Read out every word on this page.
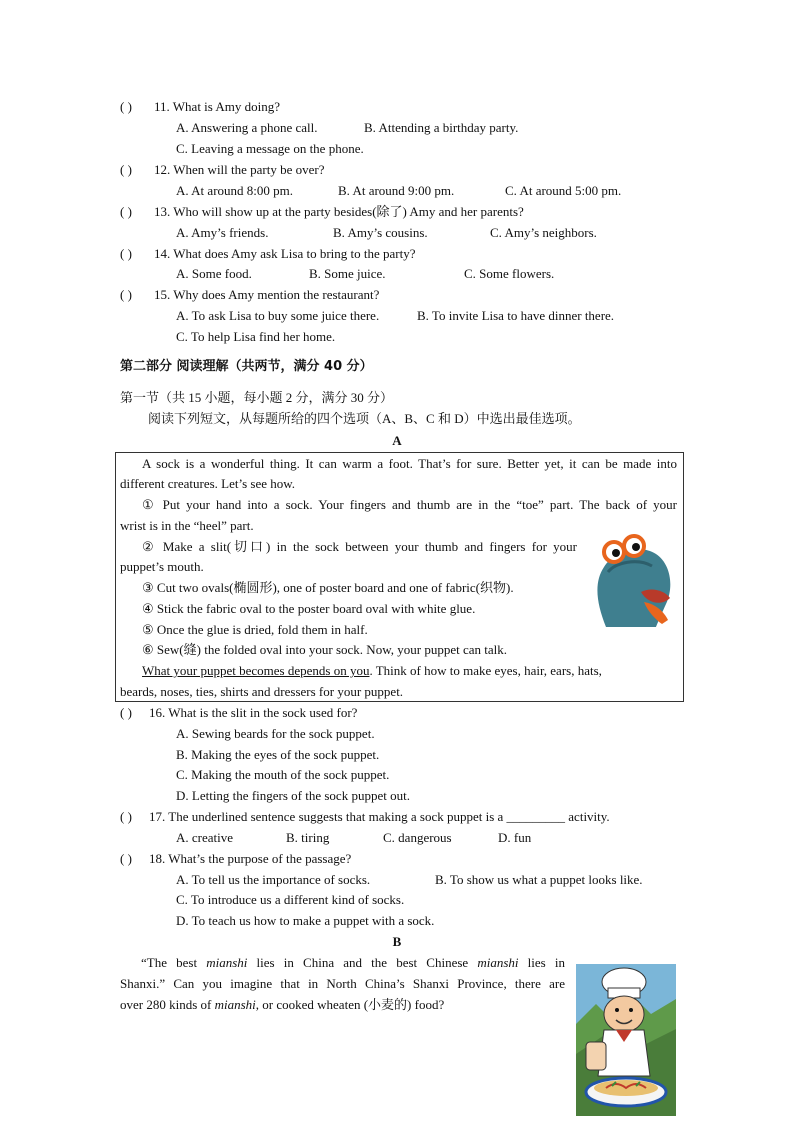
( ) 11. What is Amy doing?
A. Answering a phone call.	B. Attending a birthday party.
C. Leaving a message on the phone.
( ) 12. When will the party be over?
A. At around 8:00 pm.	B. At around 9:00 pm.	C. At around 5:00 pm.
( ) 13. Who will show up at the party besides(除了) Amy and her parents?
A. Amy’s friends.	B. Amy’s cousins.	C. Amy’s neighbors.
( ) 14. What does Amy ask Lisa to bring to the party?
A. Some food.	B. Some juice.	C. Some flowers.
( ) 15. Why does Amy mention the restaurant?
A. To ask Lisa to buy some juice there.	B. To invite Lisa to have dinner there.
C. To help Lisa find her home.
第二部分 阅读理解（共两节，满分 40 分）
第一节（共 15 小题，每小题 2 分，满分 30 分）
阅读下列短文，从每题所给的四个选项（A、B、C 和 D）中选出最佳选项。
A
A sock is a wonderful thing. It can warm a foot. That’s for sure. Better yet, it can be made into
different creatures. Let’s see how.
① Put your hand into a sock. Your fingers and thumb are in the “toe” part. The back of your
wrist is in the “heel” part.
② Make a slit(切口) in the sock between your thumb and fingers for your
puppet’s mouth.
③ Cut two ovals(椭圆形), one of poster board and one of fabric(织物).
④ Stick the fabric oval to the poster board oval with white glue.
⑤ Once the glue is dried, fold them in half.
⑥ Sew(缝) the folded oval into your sock. Now, your puppet can talk.
What your puppet becomes depends on you. Think of how to make eyes, hair, ears, hats,
beards, noses, ties, shirts and dressers for your puppet.
( ) 16. What is the slit in the sock used for?
A. Sewing beards for the sock puppet.
B. Making the eyes of the sock puppet.
C. Making the mouth of the sock puppet.
D. Letting the fingers of the sock puppet out.
( ) 17. The underlined sentence suggests that making a sock puppet is a _________ activity.
A. creative	B. tiring	C. dangerous	D. fun
( ) 18. What’s the purpose of the passage?
A. To tell us the importance of socks.	B. To show us what a puppet looks like.
C. To introduce us a different kind of socks.
D. To teach us how to make a puppet with a sock.
B
“The best mianshi lies in China and the best Chinese mianshi lies in
Shanxi.” Can you imagine that in North China’s Shanxi Province, there are
over 280 kinds of mianshi, or cooked wheaten (小麦的) food?
